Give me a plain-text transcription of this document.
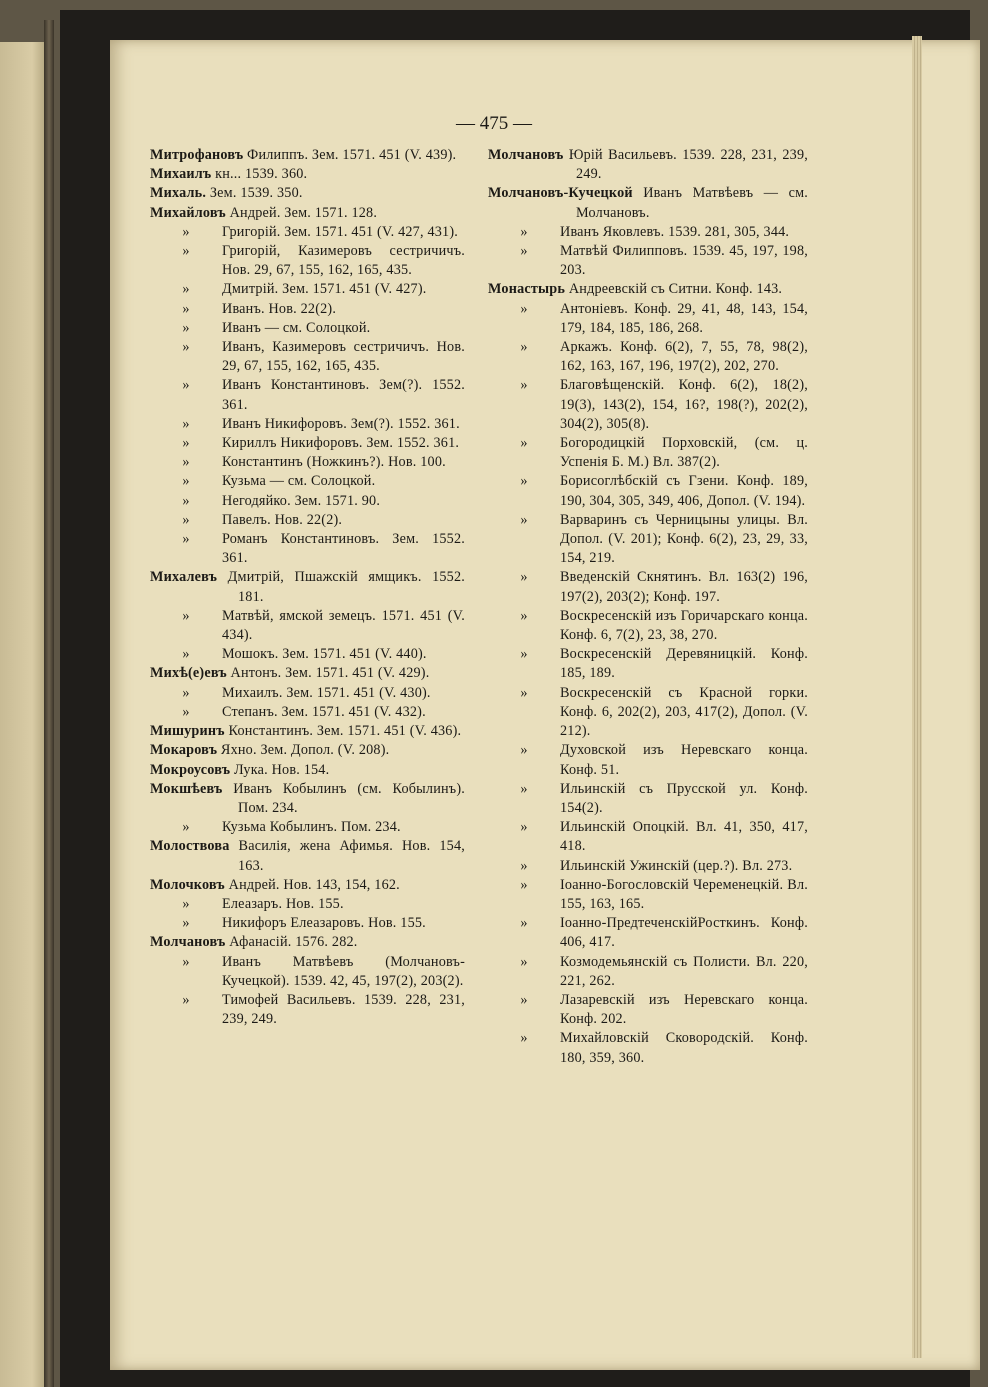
— 475 —

Митрофановъ Филиппъ. Зем. 1571. 451 (V. 439).

Михаилъ кн... 1539. 360.

Михаль. Зем. 1539. 350.

Михайловъ Андрей. Зем. 1571. 128.

» Григорій. Зем. 1571. 451 (V. 427, 431).

» Григорій, Казимеровъ сестричичъ. Нов. 29, 67, 155, 162, 165, 435.

» Дмитрій. Зем. 1571. 451 (V. 427).

» Иванъ. Нов. 22(2).

» Иванъ — см. Солоцкой.

» Иванъ, Казимеровъ сестричичъ. Нов. 29, 67, 155, 162, 165, 435.

» Иванъ Константиновъ. Зем(?). 1552. 361.

» Иванъ Никифоровъ. Зем(?). 1552. 361.

» Кириллъ Никифоровъ. Зем. 1552. 361.

» Константинъ (Ножкинъ?). Нов. 100.

» Кузьма — см. Солоцкой.

» Негодяйко. Зем. 1571. 90.

» Павелъ. Нов. 22(2).

» Романъ Константиновъ. Зем. 1552. 361.

Михалевъ Дмитрій, Пшажскій ямщикъ. 1552. 181.

» Матвѣй, ямской земецъ. 1571. 451 (V. 434).

» Мошокъ. Зем. 1571. 451 (V. 440).

Михѣ(е)евъ Антонъ. Зем. 1571. 451 (V. 429).

» Михаилъ. Зем. 1571. 451 (V. 430).

» Степанъ. Зем. 1571. 451 (V. 432).

Мишуринъ Константинъ. Зем. 1571. 451 (V. 436).

Мокаровъ Яхно. Зем. Допол. (V. 208).

Мокроусовъ Лука. Нов. 154.

Мокшѣевъ Иванъ Кобылинъ (см. Кобылинъ). Пом. 234.

» Кузьма Кобылинъ. Пом. 234.

Молоствова Василія, жена Афимья. Нов. 154, 163.

Молочковъ Андрей. Нов. 143, 154, 162.

» Елеазаръ. Нов. 155.

» Никифоръ Елеазаровъ. Нов. 155.

Молчановъ Афанасій. 1576. 282.

» Иванъ Матвѣевъ (Молчановъ-Кучецкой). 1539. 42, 45, 197(2), 203(2).

» Тимофей Васильевъ. 1539. 228, 231, 239, 249.

Молчановъ Юрій Васильевъ. 1539. 228, 231, 239, 249.

Молчановъ-Кучецкой Иванъ Матвѣевъ — см. Молчановъ.

» Иванъ Яковлевъ. 1539. 281, 305, 344.

» Матвѣй Филипповъ. 1539. 45, 197, 198, 203.

Монастырь Андреевскій съ Ситни. Конф. 143.

» Антоніевъ. Конф. 29, 41, 48, 143, 154, 179, 184, 185, 186, 268.

» Аркажъ. Конф. 6(2), 7, 55, 78, 98(2), 162, 163, 167, 196, 197(2), 202, 270.

» Благовѣщенскій. Конф. 6(2), 18(2), 19(3), 143(2), 154, 16?, 198(?), 202(2), 304(2), 305(8).

» Богородицкій Порховскій, (см. ц. Успенія Б. М.) Вл. 387(2).

» Борисоглѣбскій съ Гзени. Конф. 189, 190, 304, 305, 349, 406, Допол. (V. 194).

» Варваринъ съ Черницыны улицы. Вл. Допол. (V. 201); Конф. 6(2), 23, 29, 33, 154, 219.

» Введенскій Скнятинъ. Вл. 163(2) 196, 197(2), 203(2); Конф. 197.

» Воскресенскій изъ Горичарскаго конца. Конф. 6, 7(2), 23, 38, 270.

» Воскресенскій Деревяницкій. Конф. 185, 189.

» Воскресенскій съ Красной горки. Конф. 6, 202(2), 203, 417(2), Допол. (V. 212).

» Духовской изъ Неревскаго конца. Конф. 51.

» Ильинскій съ Прусской ул. Конф. 154(2).

» Ильинскій Опоцкій. Вл. 41, 350, 417, 418.

» Ильинскій Ужинскій (цер.?). Вл. 273.

» Іоанно-Богословскій Череменецкій. Вл. 155, 163, 165.

» Іоанно-ПредтеченскійРосткинъ. Конф. 406, 417.

» Козмодемьянскій съ Полисти. Вл. 220, 221, 262.

» Лазаревскій изъ Неревскаго конца. Конф. 202.

» Михайловскій Сковородскій. Конф. 180, 359, 360.
